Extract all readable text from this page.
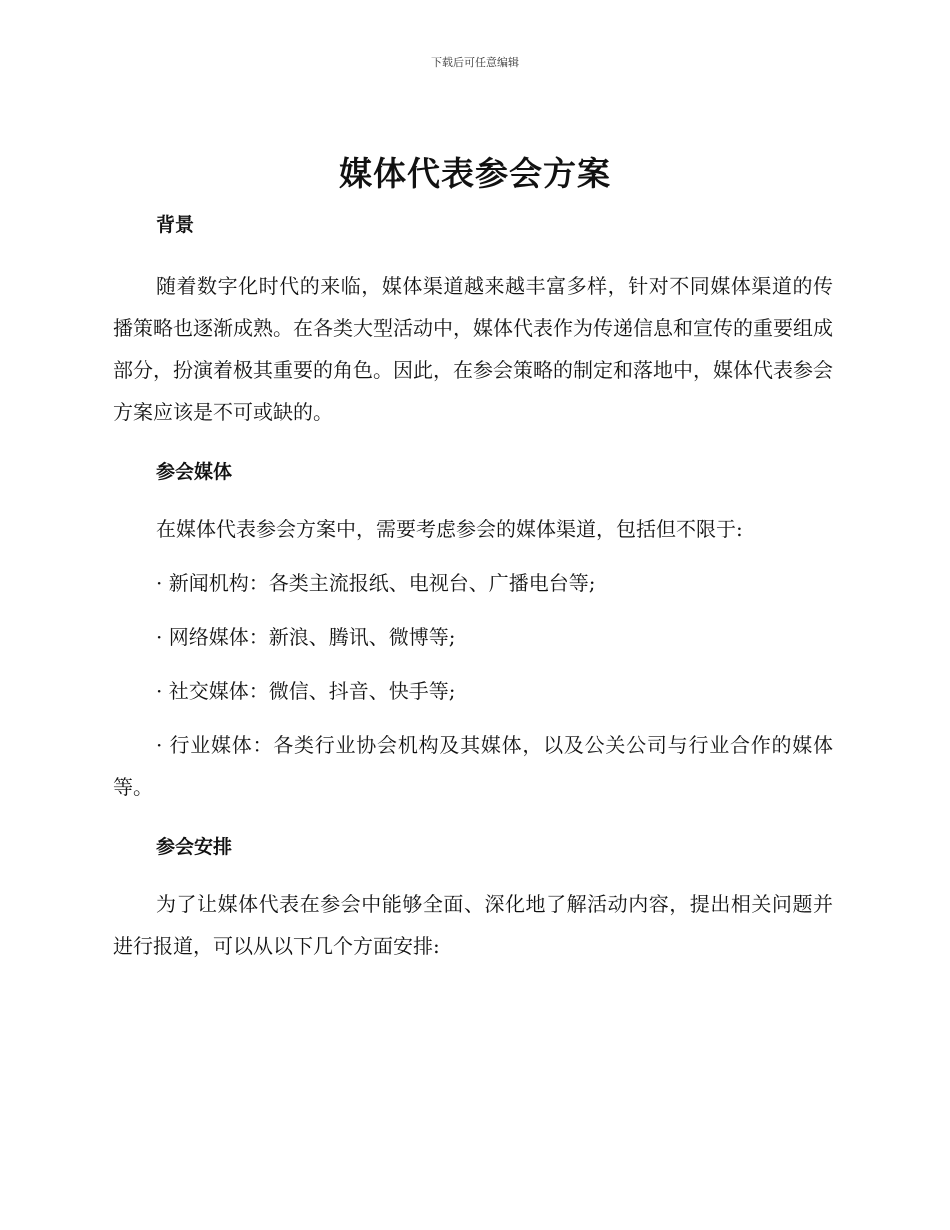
下载后可任意编辑
媒体代表参会方案

背景

随着数字化时代的来临，媒体渠道越来越丰富多样，针对不同媒体渠道的传播策略也逐渐成熟。在各类大型活动中，媒体代表作为传递信息和宣传的重要组成部分，扮演着极其重要的角色。因此，在参会策略的制定和落地中，媒体代表参会方案应该是不可或缺的。

参会媒体

在媒体代表参会方案中，需要考虑参会的媒体渠道，包括但不限于:

· 新闻机构：各类主流报纸、电视台、广播电台等;

· 网络媒体：新浪、腾讯、微博等;

· 社交媒体：微信、抖音、快手等;

· 行业媒体：各类行业协会机构及其媒体，以及公关公司与行业合作的媒体等。

参会安排

为了让媒体代表在参会中能够全面、深化地了解活动内容，提出相关问题并进行报道，可以从以下几个方面安排:
